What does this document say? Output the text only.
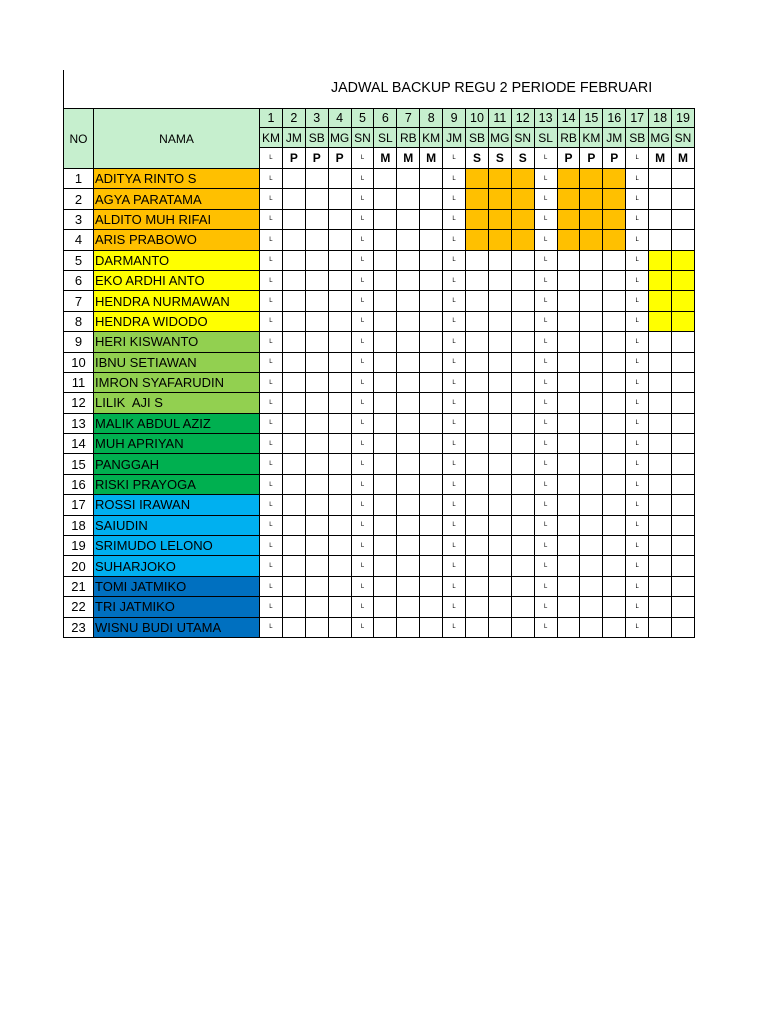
JADWAL BACKUP REGU 2 PERIODE FEBRUARI
NO	NAMA	1	2	3	4	5	6	7	8	9	10	11	12	13	14	15	16	17	18	19
		KM	JM	SB	MG	SN	SL	RB	KM	JM	SB	MG	SN	SL	RB	KM	JM	SB	MG	SN
		L	P	P	P	L	M	M	M	L	S	S	S	L	P	P	P	L	M	M
1	ADITYA RINTO S	L				L				L				L				L		
2	AGYA PARATAMA	L				L				L				L				L		
3	ALDITO MUH RIFAI	L				L				L				L				L		
4	ARIS PRABOWO	L				L				L				L				L		
5	DARMANTO	L				L				L				L				L		
6	EKO ARDHI ANTO	L				L				L				L				L		
7	HENDRA NURMAWAN	L				L				L				L				L		
8	HENDRA WIDODO	L				L				L				L				L		
9	HERI KISWANTO	L				L				L				L				L		
10	IBNU SETIAWAN	L				L				L				L				L		
11	IMRON SYAFARUDIN	L				L				L				L				L		
12	LILIK  AJI S	L				L				L				L				L		
13	MALIK ABDUL AZIZ	L				L				L				L				L		
14	MUH APRIYAN	L				L				L				L				L		
15	PANGGAH	L				L				L				L				L		
16	RISKI PRAYOGA	L				L				L				L				L		
17	ROSSI IRAWAN	L				L				L				L				L		
18	SAIUDIN	L				L				L				L				L		
19	SRIMUDO LELONO	L				L				L				L				L		
20	SUHARJOKO	L				L				L				L				L		
21	TOMI JATMIKO	L				L				L				L				L		
22	TRI JATMIKO	L				L				L				L				L		
23	WISNU BUDI UTAMA	L				L				L				L				L		
